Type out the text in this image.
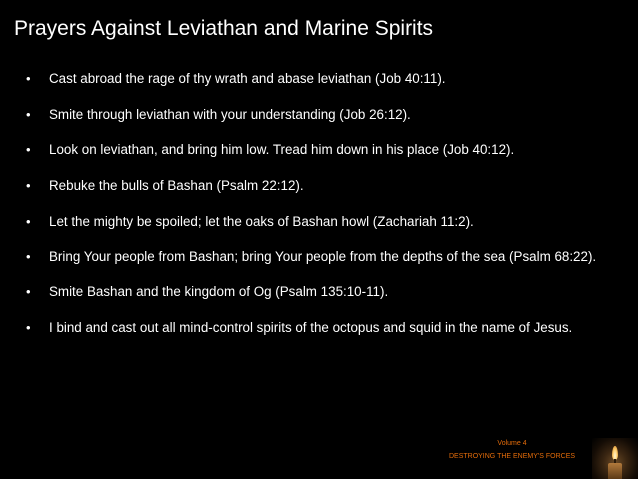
Prayers Against Leviathan and Marine Spirits
• Cast abroad the rage of thy wrath and abase leviathan (Job 40:11).
• Smite through leviathan with your understanding (Job 26:12).
• Look on leviathan, and bring him low. Tread him down in his place (Job 40:12).
• Rebuke the bulls of Bashan (Psalm 22:12).
• Let the mighty be spoiled; let the oaks of Bashan howl (Zachariah 11:2).
• Bring Your people from Bashan; bring Your people from the depths of the sea (Psalm 68:22).
• Smite Bashan and the kingdom of Og (Psalm 135:10-11).
• I bind and cast out all mind-control spirits of the octopus and squid in the name of Jesus.
Volume 4
DESTROYING THE ENEMY'S FORCES
